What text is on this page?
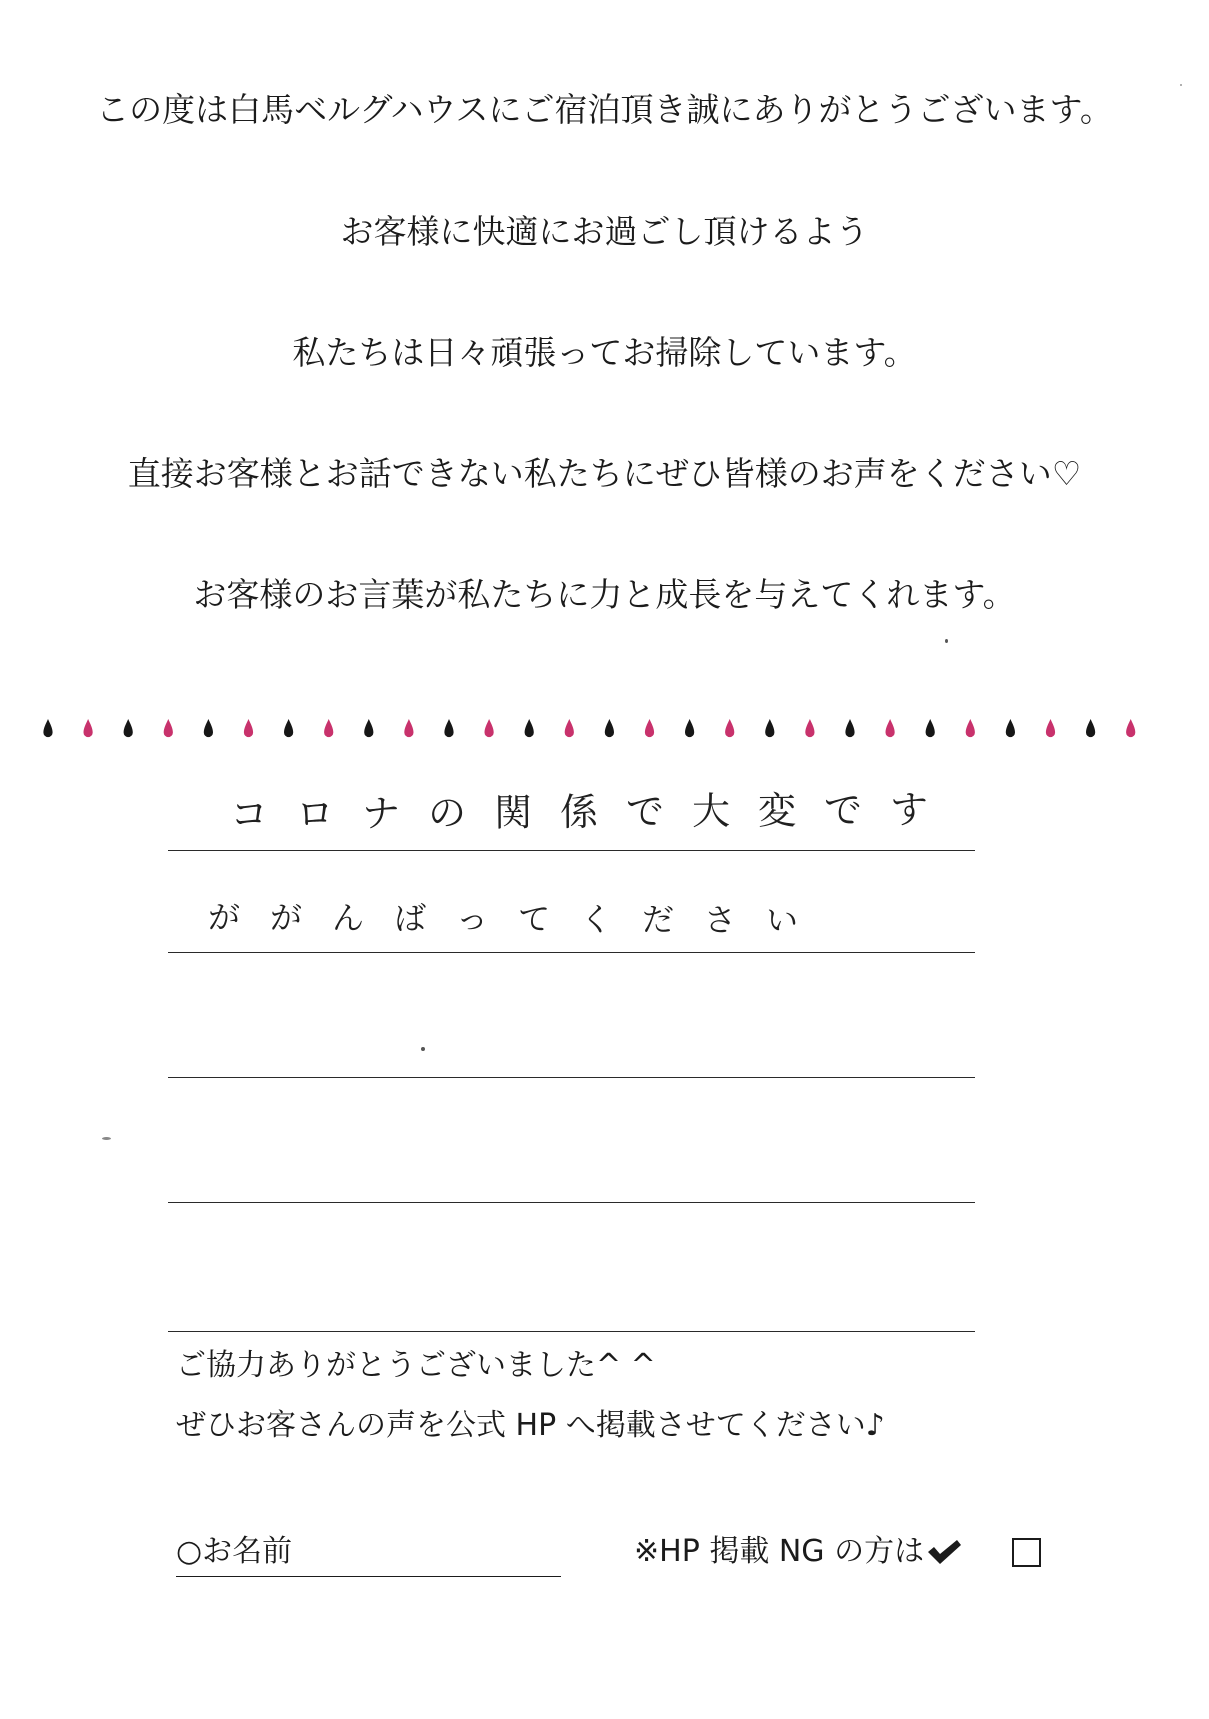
この度は白馬ベルグハウスにご宿泊頂き誠にありがとうございます。
お客様に快適にお過ごし頂けるよう
私たちは日々頑張ってお掃除しています。
直接お客様とお話できない私たちにぜひ皆様のお声をください♡
お客様のお言葉が私たちに力と成長を与えてくれます。
コロナの関係で大変です
ががんばってください
ご協力ありがとうございました^ ^
ぜひお客さんの声を公式 HP へ掲載させてください♪
○お名前	※HP 掲載 NG の方は
